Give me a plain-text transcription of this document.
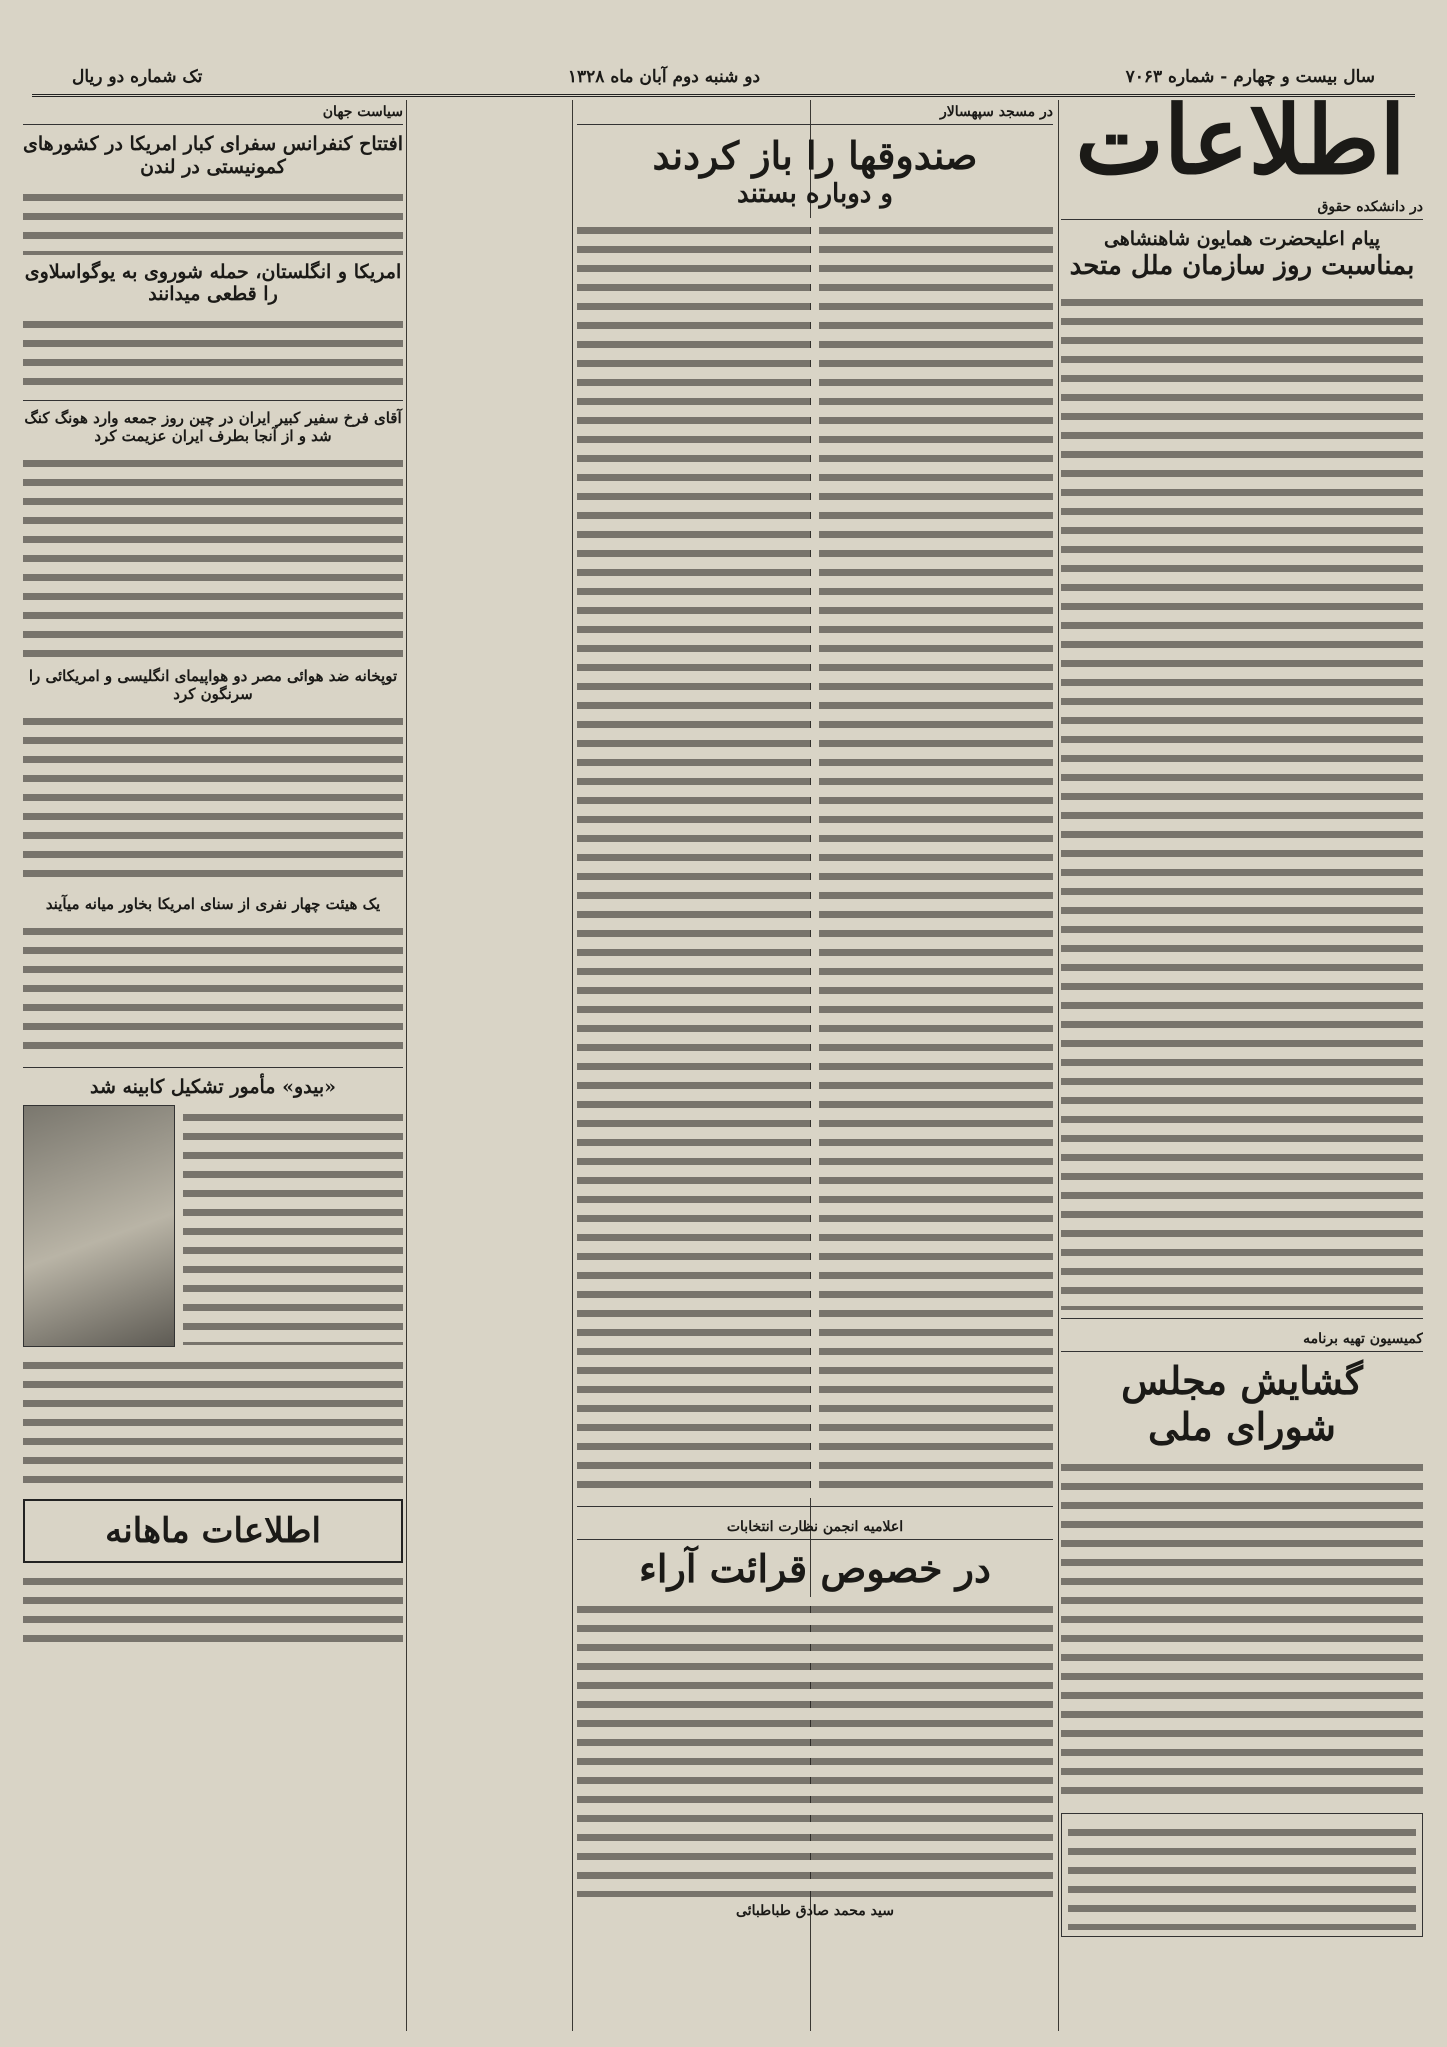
سال بیست و چهارم - شماره ۷۰۶۳
دو شنبه دوم آبان ماه ۱۳۲۸
تک شماره دو ریال
اطلاعات
در دانشکده حقوق
پیام اعلیحضرت همایون شاهنشاهی
بمناسبت روز سازمان ملل متحد
کمیسیون تهیه برنامه
گشایش مجلس شورای ملی
در مسجد سپهسالار
صندوقها را باز کردند
و دوباره بستند
اعلامیه انجمن نظارت انتخابات
در خصوص قرائت آراء
سید محمد صادق طباطبائی
سیاست جهان
افتتاح کنفرانس سفرای کبار امریکا در کشورهای کمونیستی در لندن
امریکا و انگلستان، حمله شوروی به یوگواسلاوی را قطعی میدانند
آقای فرخ سفیر کبیر ایران در چین روز جمعه وارد هونگ کنگ شد و از آنجا بطرف ایران عزیمت کرد
توپخانه ضد هوائی مصر دو هواپیمای انگلیسی و امریکائی را سرنگون کرد
یک هیئت چهار نفری از سنای امریکا بخاور میانه میآیند
«بیدو» مأمور تشکیل کابینه شد
اطلاعات ماهانه
